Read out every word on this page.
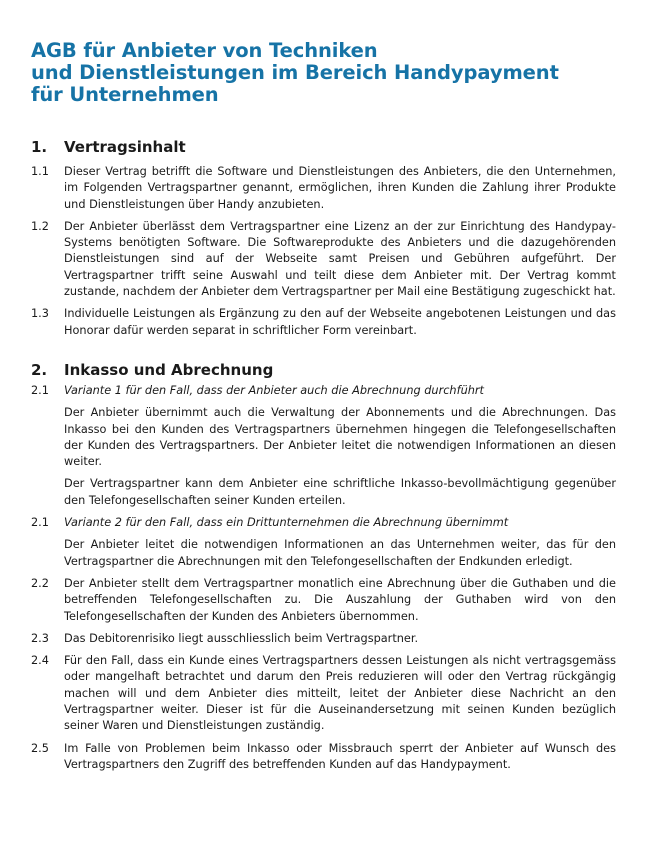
AGB für Anbieter von Techniken
und Dienstleistungen im Bereich Handypayment
für Unternehmen
1.	Vertragsinhalt
1.1	Dieser Vertrag betrifft die Software und Dienstleistungen des Anbieters, die den Unternehmen, im Folgenden Vertragspartner genannt, ermöglichen, ihren Kunden die Zahlung ihrer Produkte und Dienstleistungen über Handy anzubieten.

1.2	Der Anbieter überlässt dem Vertragspartner eine Lizenz an der zur Einrichtung des Handypay-Systems benötigten Software. Die Softwareprodukte des Anbieters und die dazugehörenden Dienstleistungen sind auf der Webseite samt Preisen und Gebühren aufgeführt. Der Vertragspartner trifft seine Auswahl und teilt diese dem Anbieter mit. Der Vertrag kommt zustande, nachdem der Anbieter dem Vertragspartner per Mail eine Bestätigung zugeschickt hat.

1.3	Individuelle Leistungen als Ergänzung zu den auf der Webseite angebotenen Leistungen und das Honorar dafür werden separat in schriftlicher Form vereinbart.

2.	Inkasso und Abrechnung
2.1	Variante 1 für den Fall, dass der Anbieter auch die Abrechnung durchführt

Der Anbieter übernimmt auch die Verwaltung der Abonnements und die Abrechnungen. Das Inkasso bei den Kunden des Vertragspartners übernehmen hingegen die Telefongesellschaften der Kunden des Vertragspartners. Der Anbieter leitet die notwendigen Informationen an diesen weiter.

Der Vertragspartner kann dem Anbieter eine schriftliche Inkasso-bevollmächtigung gegenüber den Telefongesellschaften seiner Kunden erteilen.

2.1	Variante 2 für den Fall, dass ein Drittunternehmen die Abrechnung übernimmt

Der Anbieter leitet die notwendigen Informationen an das Unternehmen weiter, das für den Vertragspartner die Abrechnungen mit den Telefongesellschaften der Endkunden erledigt.

2.2	Der Anbieter stellt dem Vertragspartner monatlich eine Abrechnung über die Guthaben und die betreffenden Telefongesellschaften zu. Die Auszahlung der Guthaben wird von den Telefongesellschaften der Kunden des Anbieters übernommen.

2.3	Das Debitorenrisiko liegt ausschliesslich beim Vertragspartner.

2.4	Für den Fall, dass ein Kunde eines Vertragspartners dessen Leistungen als nicht vertragsgemäss oder mangelhaft betrachtet und darum den Preis reduzieren will oder den Vertrag rückgängig machen will und dem Anbieter dies mitteilt, leitet der Anbieter diese Nachricht an den Vertragspartner weiter. Dieser ist für die Auseinandersetzung mit seinen Kunden bezüglich seiner Waren und Dienstleistungen zuständig.

2.5	Im Falle von Problemen beim Inkasso oder Missbrauch sperrt der Anbieter auf Wunsch des Vertragspartners den Zugriff des betreffenden Kunden auf das Handypayment.
